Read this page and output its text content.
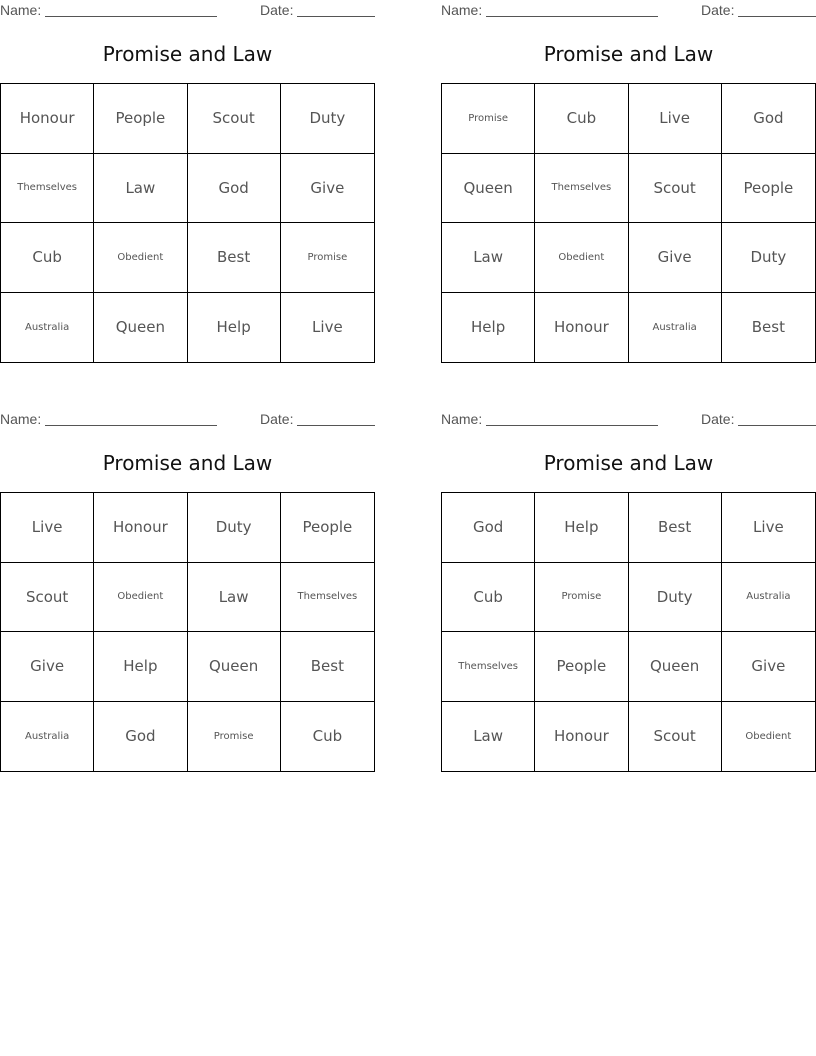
Name:	Date:
Promise and Law
Honour	People	Scout	Duty
Themselves	Law	God	Give
Cub	Obedient	Best	Promise
Australia	Queen	Help	Live
Name:	Date:
Promise and Law
Promise	Cub	Live	God
Queen	Themselves	Scout	People
Law	Obedient	Give	Duty
Help	Honour	Australia	Best
Name:	Date:
Promise and Law
Live	Honour	Duty	People
Scout	Obedient	Law	Themselves
Give	Help	Queen	Best
Australia	God	Promise	Cub
Name:	Date:
Promise and Law
God	Help	Best	Live
Cub	Promise	Duty	Australia
Themselves	People	Queen	Give
Law	Honour	Scout	Obedient
